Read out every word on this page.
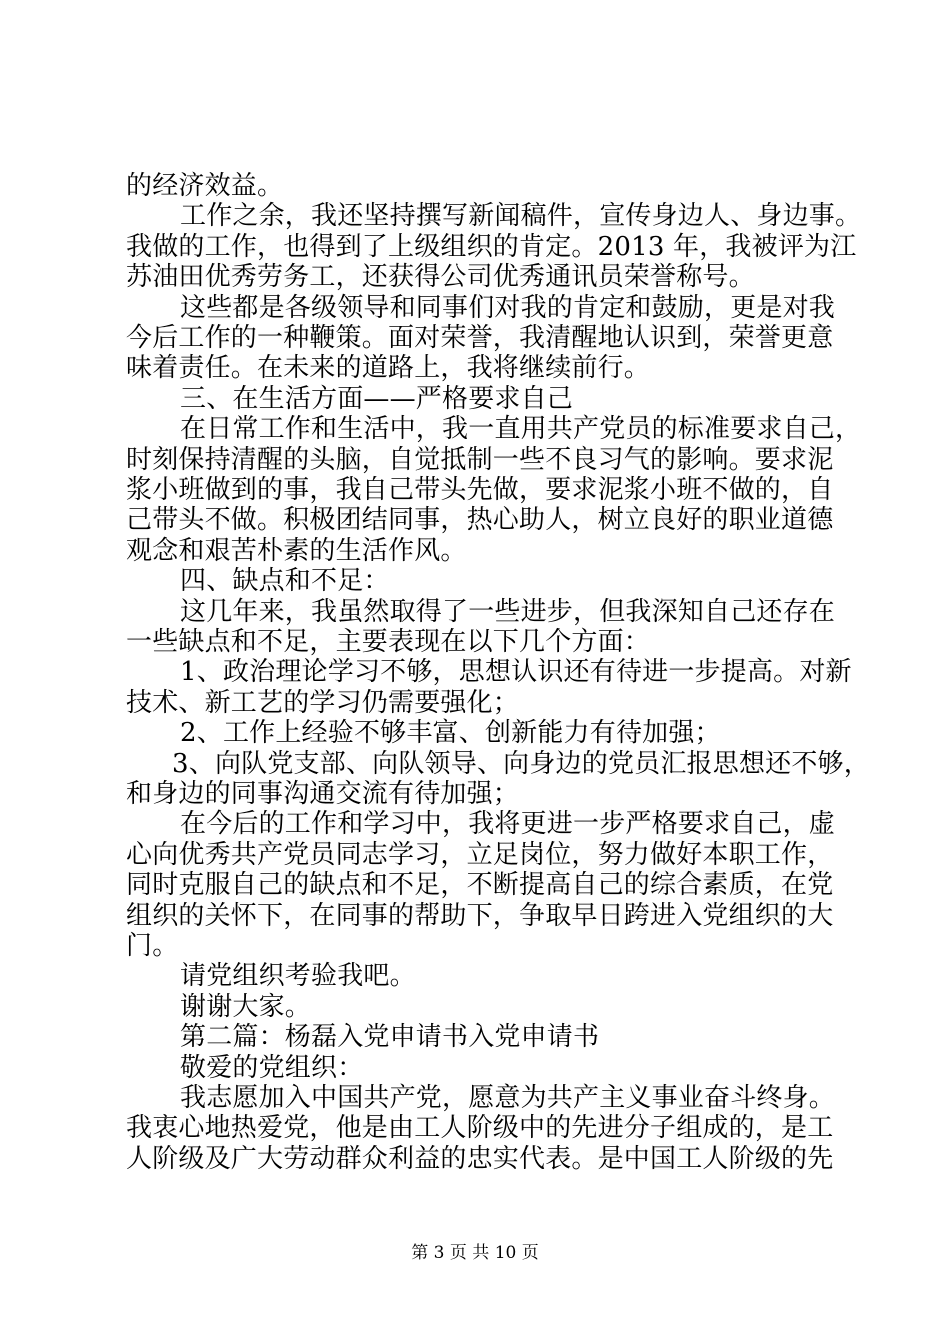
的经济效益。
工作之余，我还坚持撰写新闻稿件，宣传身边人、身边事。
我做的工作，也得到了上级组织的肯定。2013 年，我被评为江
苏油田优秀劳务工，还获得公司优秀通讯员荣誉称号。
这些都是各级领导和同事们对我的肯定和鼓励，更是对我
今后工作的一种鞭策。面对荣誉，我清醒地认识到，荣誉更意
味着责任。在未来的道路上，我将继续前行。
三、在生活方面——严格要求自己
在日常工作和生活中，我一直用共产党员的标准要求自己，
时刻保持清醒的头脑，自觉抵制一些不良习气的影响。要求泥
浆小班做到的事，我自己带头先做，要求泥浆小班不做的，自
己带头不做。积极团结同事，热心助人，树立良好的职业道德
观念和艰苦朴素的生活作风。
四、缺点和不足：
这几年来，我虽然取得了一些进步，但我深知自己还存在
一些缺点和不足，主要表现在以下几个方面：
1、政治理论学习不够，思想认识还有待进一步提高。对新
技术、新工艺的学习仍需要强化；
2、工作上经验不够丰富、创新能力有待加强；
3、向队党支部、向队领导、向身边的党员汇报思想还不够，
和身边的同事沟通交流有待加强；
在今后的工作和学习中，我将更进一步严格要求自己，虚
心向优秀共产党员同志学习，立足岗位，努力做好本职工作，
同时克服自己的缺点和不足，不断提高自己的综合素质，在党
组织的关怀下，在同事的帮助下，争取早日跨进入党组织的大
门。
请党组织考验我吧。
谢谢大家。
第二篇：杨磊入党申请书入党申请书
敬爱的党组织：
我志愿加入中国共产党，愿意为共产主义事业奋斗终身。
我衷心地热爱党，他是由工人阶级中的先进分子组成的，是工
人阶级及广大劳动群众利益的忠实代表。是中国工人阶级的先
第 3 页 共 10 页
